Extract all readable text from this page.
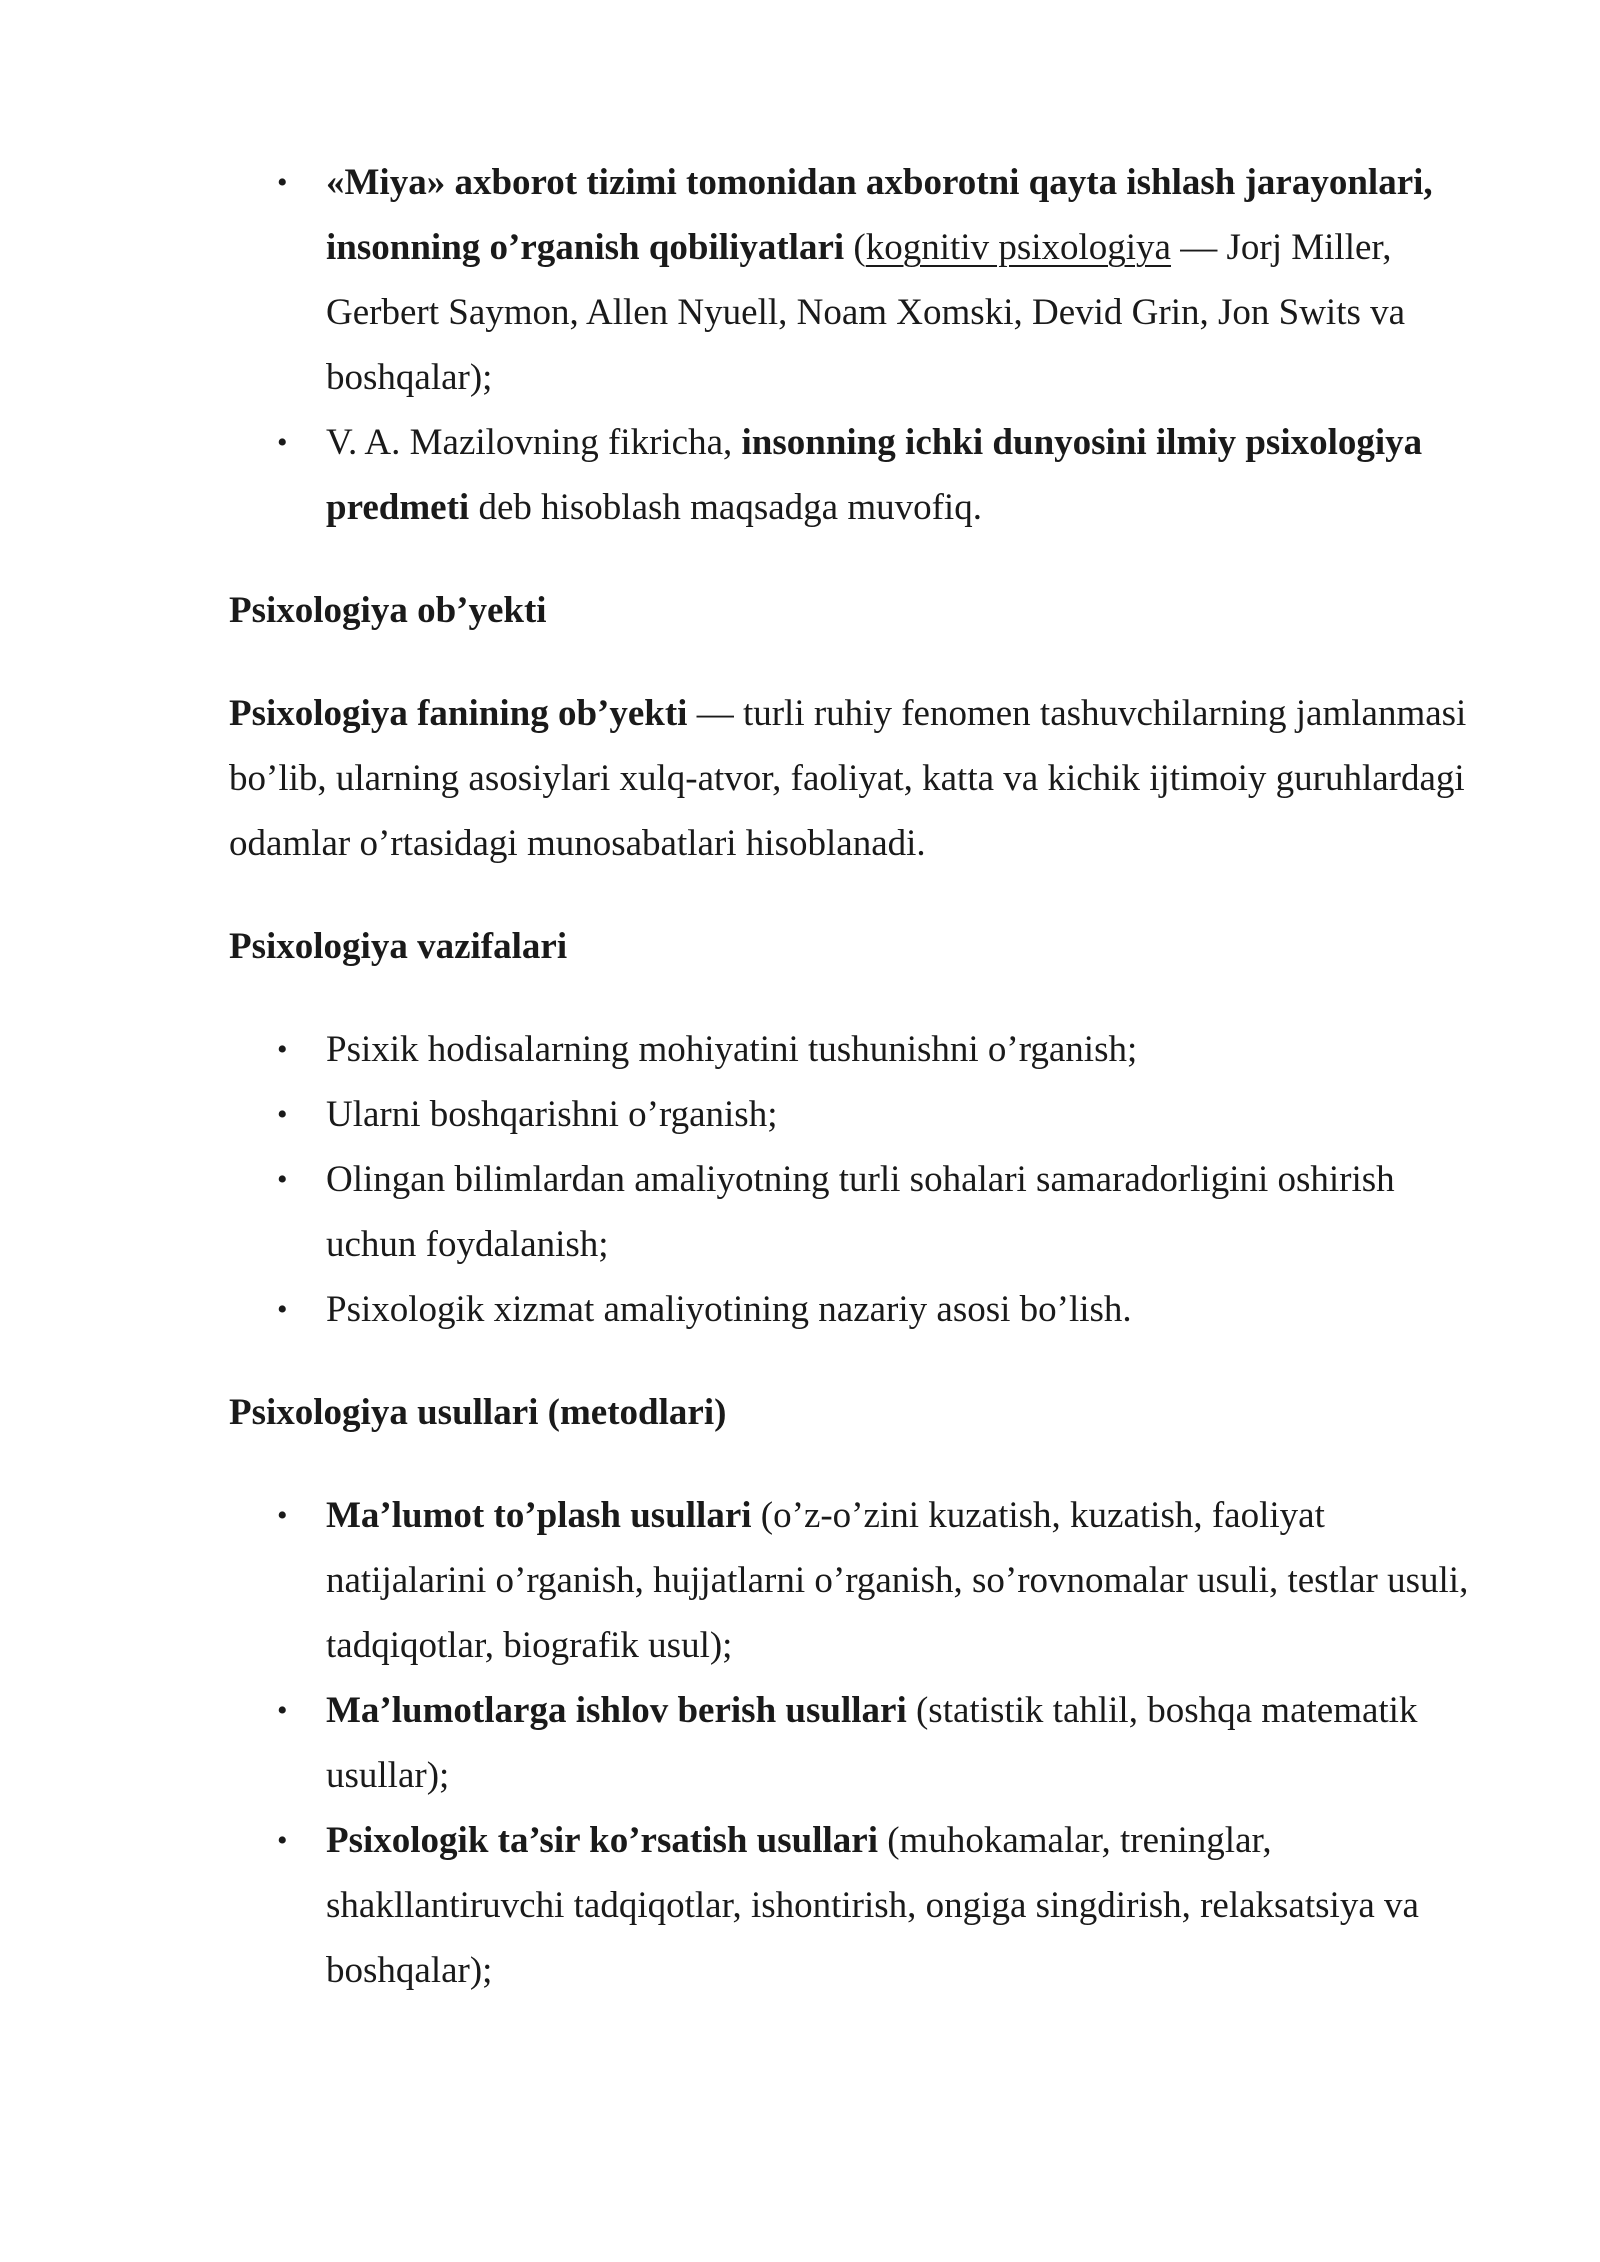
• «Miya» axborot tizimi tomonidan axborotni qayta ishlash jarayonlari, insonning o’rganish qobiliyatlari (kognitiv psixologiya — Jorj Miller, Gerbert Saymon, Allen Nyuell, Noam Xomski, Devid Grin, Jon Swits va boshqalar);
• V. A. Mazilovning fikricha, insonning ichki dunyosini ilmiy psixologiya predmeti deb hisoblash maqsadga muvofiq.

Psixologiya ob’yekti

Psixologiya fanining ob’yekti — turli ruhiy fenomen tashuvchilarning jamlanmasi bo’lib, ularning asosiylari xulq-atvor, faoliyat, katta va kichik ijtimoiy guruhlardagi odamlar o’rtasidagi munosabatlari hisoblanadi.

Psixologiya vazifalari

• Psixik hodisalarning mohiyatini tushunishni o’rganish;
• Ularni boshqarishni o’rganish;
• Olingan bilimlardan amaliyotning turli sohalari samaradorligini oshirish uchun foydalanish;
• Psixologik xizmat amaliyotining nazariy asosi bo’lish.

Psixologiya usullari (metodlari)

• Ma’lumot to’plash usullari (o’z-o’zini kuzatish, kuzatish, faoliyat natijalarini o’rganish, hujjatlarni o’rganish, so’rovnomalar usuli, testlar usuli, tadqiqotlar, biografik usul);
• Ma’lumotlarga ishlov berish usullari (statistik tahlil, boshqa matematik usullar);
• Psixologik ta’sir ko’rsatish usullari (muhokamalar, treninglar, shakllantiruvchi tadqiqotlar, ishontirish, ongiga singdirish, relaksatsiya va boshqalar);
